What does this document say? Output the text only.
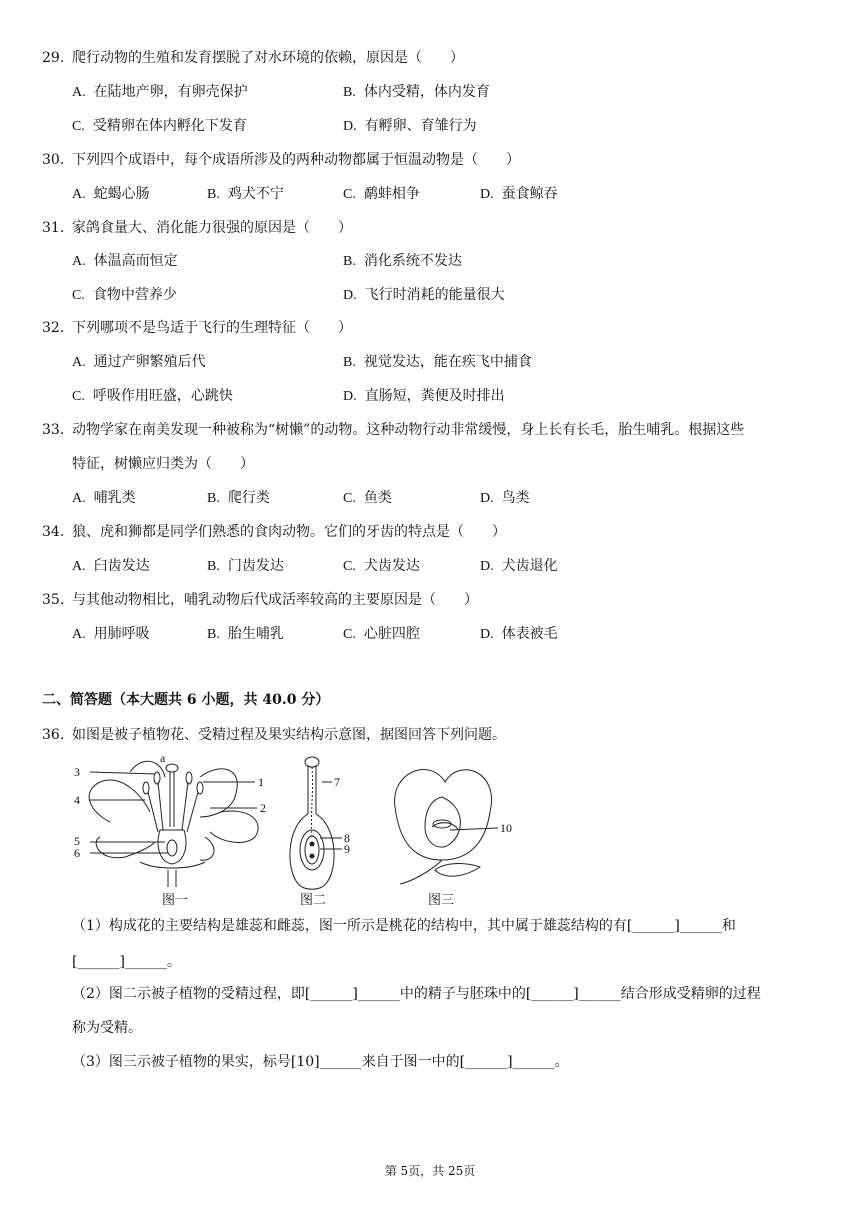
29. 爬行动物的生殖和发育摆脱了对水环境的依赖，原因是（　　）
A. 在陆地产卵，有卵壳保护	B. 体内受精，体内发育
C. 受精卵在体内孵化下发育	D. 有孵卵、育雏行为
30. 下列四个成语中，每个成语所涉及的两种动物都属于恒温动物是（　　）
A. 蛇蝎心肠	B. 鸡犬不宁	C. 鹬蚌相争	D. 蚕食鲸吞
31. 家鸽食量大、消化能力很强的原因是（　　）
A. 体温高而恒定	B. 消化系统不发达
C. 食物中营养少	D. 飞行时消耗的能量很大
32. 下列哪项不是鸟适于飞行的生理特征（　　）
A. 通过产卵繁殖后代	B. 视觉发达，能在疾飞中捕食
C. 呼吸作用旺盛，心跳快	D. 直肠短，粪便及时排出
33. 动物学家在南美发现一种被称为“树懒”的动物。这种动物行动非常缓慢，身上长有长毛，胎生哺乳。根据这些
特征，树懒应归类为（　　）
A. 哺乳类	B. 爬行类	C. 鱼类	D. 鸟类
34. 狼、虎和狮都是同学们熟悉的食肉动物。它们的牙齿的特点是（　　）
A. 臼齿发达	B. 门齿发达	C. 犬齿发达	D. 犬齿退化
35. 与其他动物相比，哺乳动物后代成活率较高的主要原因是（　　）
A. 用肺呼吸	B. 胎生哺乳	C. 心脏四腔	D. 体表被毛
二、简答题（本大题共 6 小题，共 40.0 分）
36. 如图是被子植物花、受精过程及果实结构示意图，据图回答下列问题。
3
a
4
5
6
1
2
7
8
9
10
图一	图二	图三
（1）构成花的主要结构是雄蕊和雌蕊，图一所示是桃花的结构中，其中属于雄蕊结构的有[______]______和
[______]______。
（2）图二示被子植物的受精过程，即[______]______中的精子与胚珠中的[______]______结合形成受精卵的过程
称为受精。
（3）图三示被子植物的果实，标号[10]______来自于图一中的[______]______。
第 5页，共 25页
